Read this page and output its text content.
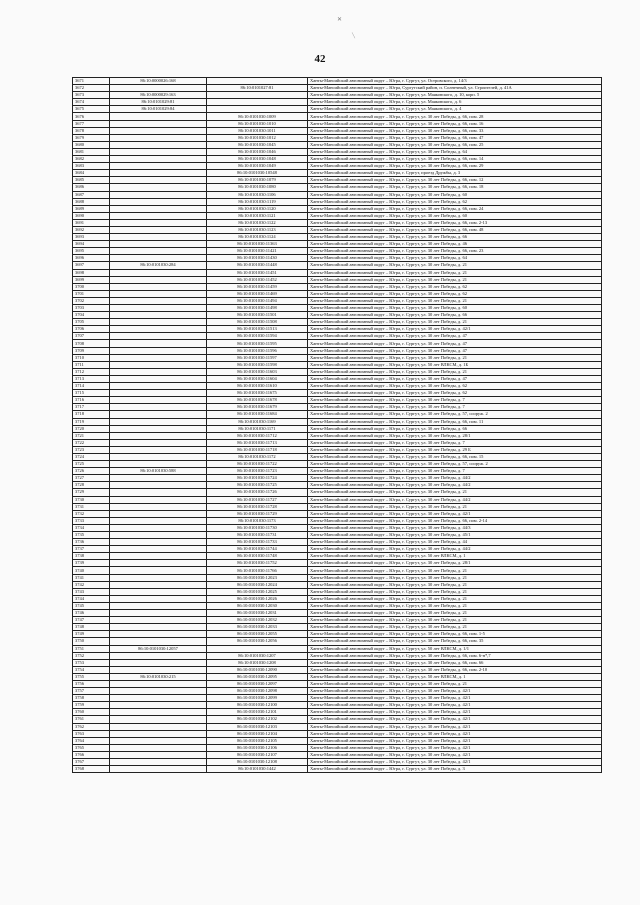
✕
╲
42
3671	86:10:0000026:168		Ханты-Мансийский автономный округ – Югра, г. Сургут, ул. Островского, д. 14/3
3672		86:10:0101027:81	Ханты-Мансийский автономный округ – Югра, Сургутский район, п. Солнечный, ул. Строителей, д. 41А
3673	86:10:0000029:163		Ханты-Мансийский автономный округ – Югра, г. Сургут, ул. Маяковского, д. 10, корп. 5
3674	86:10:0101029:81		Ханты-Мансийский автономный округ – Югра, г. Сургут, ул. Маяковского, д. 6
3675	86:10:0101029:84		Ханты-Мансийский автономный округ – Югра, г. Сургут, ул. Маяковского, д. 4
3676		86:10:0101030:1009	Ханты-Мансийский автономный округ – Югра, г. Сургут, ул. 30 лет Победы, д. 66, пом. 28
3677		86:10:0101030:1010	Ханты-Мансийский автономный округ – Югра, г. Сургут, ул. 30 лет Победы, д. 66, пом. 16
3678		86:10:0101030:1011	Ханты-Мансийский автономный округ – Югра, г. Сургут, ул. 30 лет Победы, д. 66, пом. 33
3679		86:10:0101030:1012	Ханты-Мансийский автономный округ – Югра, г. Сургут, ул. 30 лет Победы, д. 66, пом. 47
3680		86:10:0101030:1045	Ханты-Мансийский автономный округ – Югра, г. Сургут, ул. 30 лет Победы, д. 66, пом. 25
3681		86:10:0101030:1046	Ханты-Мансийский автономный округ – Югра, г. Сургут, ул. 30 лет Победы, д. 64
3682		86:10:0101030:1048	Ханты-Мансийский автономный округ – Югра, г. Сургут, ул. 30 лет Победы, д. 66, пом. 14
3683		86:10:0101030:1049	Ханты-Мансийский автономный округ – Югра, г. Сургут, ул. 30 лет Победы, д. 66, пом. 29
3684		86:10:0101030:10548	Ханты-Мансийский автономный округ – Югра, г. Сургут, проезд Дружбы, д. 3
3685		86:10:0101030:1079	Ханты-Мансийский автономный округ – Югра, г. Сургут, ул. 30 лет Победы, д. 66, пом. 12
3686		86:10:0101030:1080	Ханты-Мансийский автономный округ – Югра, г. Сургут, ул. 30 лет Победы, д. 66, пом. 18
3687		86:10:0101030:1106	Ханты-Мансийский автономный округ – Югра, г. Сургут, ул. 30 лет Победы, д. 60
3688		86:10:0101030:1119	Ханты-Мансийский автономный округ – Югра, г. Сургут, ул. 30 лет Победы, д. 62
3689		86:10:0101030:1120	Ханты-Мансийский автономный округ – Югра, г. Сургут, ул. 30 лет Победы, д. 66, пом. 24
3690		86:10:0101030:1121	Ханты-Мансийский автономный округ – Югра, г. Сургут, ул. 30 лет Победы, д. 60
3691		86:10:0101030:1122	Ханты-Мансийский автономный округ – Югра, г. Сургут, ул. 30 лет Победы, д. 66, пом. 2-13
3692		86:10:0101030:1123	Ханты-Мансийский автономный округ – Югра, г. Сургут, ул. 30 лет Победы, д. 66, пом. 48
3693		86:10:0101030:1124	Ханты-Мансийский автономный округ – Югра, г. Сургут, ул. 30 лет Победы, д. 66
3694		86:10:0101030:11363	Ханты-Мансийский автономный округ – Югра, г. Сургут, ул. 30 лет Победы, д. 46
3695		86:10:0101030:11421	Ханты-Мансийский автономный округ – Югра, г. Сургут, ул. 30 лет Победы, д. 66, пом. 23
3696		86:10:0101030:11430	Ханты-Мансийский автономный округ – Югра, г. Сургут, ул. 30 лет Победы, д. 64
3697	86:10:0101030:284	86:10:0101030:11448	Ханты-Мансийский автономный округ – Югра, г. Сургут, ул. 30 лет Победы, д. 21
3698		86:10:0101030:11451	Ханты-Мансийский автономный округ – Югра, г. Сургут, ул. 30 лет Победы, д. 21
3699		86:10:0101030:11452	Ханты-Мансийский автономный округ – Югра, г. Сургут, ул. 30 лет Победы, д. 21
3700		86:10:0101030:11459	Ханты-Мансийский автономный округ – Югра, г. Сургут, ул. 30 лет Победы, д. 62
3701		86:10:0101030:11469	Ханты-Мансийский автономный округ – Югра, г. Сургут, ул. 30 лет Победы, д. 62
3702		86:10:0101030:11494	Ханты-Мансийский автономный округ – Югра, г. Сургут, ул. 30 лет Победы, д. 21
3703		86:10:0101030:11498	Ханты-Мансийский автономный округ – Югра, г. Сургут, ул. 30 лет Победы, д. 60
3704		86:10:0101030:11501	Ханты-Мансийский автономный округ – Югра, г. Сургут, ул. 30 лет Победы, д. 66
3705		86:10:0101030:11508	Ханты-Мансийский автономный округ – Югра, г. Сургут, ул. 30 лет Победы, д. 21
3706		86:10:0101030:11513	Ханты-Мансийский автономный округ – Югра, г. Сургут, ул. 30 лет Победы, д. 42/1
3707		86:10:0101030:11594	Ханты-Мансийский автономный округ – Югра, г. Сургут, ул. 30 лет Победы, д. 47
3708		86:10:0101030:11595	Ханты-Мансийский автономный округ – Югра, г. Сургут, ул. 30 лет Победы, д. 47
3709		86:10:0101030:11596	Ханты-Мансийский автономный округ – Югра, г. Сургут, ул. 30 лет Победы, д. 47
3710		86:10:0101030:11597	Ханты-Мансийский автономный округ – Югра, г. Сургут, ул. 30 лет Победы, д. 21
3711		86:10:0101030:11598	Ханты-Мансийский автономный округ – Югра, г. Сургут, ул. 50 лет ВЛКСМ, д. 1Б
3712		86:10:0101030:11603	Ханты-Мансийский автономный округ – Югра, г. Сургут, ул. 30 лет Победы, д. 21
3713		86:10:0101030:11604	Ханты-Мансийский автономный округ – Югра, г. Сургут, ул. 30 лет Победы, д. 47
3714		86:10:0101030:11610	Ханты-Мансийский автономный округ – Югра, г. Сургут, ул. 30 лет Победы, д. 62
3715		86:10:0101030:11675	Ханты-Мансийский автономный округ – Югра, г. Сургут, ул. 30 лет Победы, д. 62
3716		86:10:0101030:11678	Ханты-Мансийский автономный округ – Югра, г. Сургут, ул. 30 лет Победы, д. 7
3717		86:10:0101030:11679	Ханты-Мансийский автономный округ – Югра, г. Сургут, ул. 30 лет Победы, д. 7
3718		86:10:0101030:11684	Ханты-Мансийский автономный округ – Югра, г. Сургут, ул. 30 лет Победы, д. 57, сооруж. 2
3719		86:10:0101030:1169	Ханты-Мансийский автономный округ – Югра, г. Сургут, ул. 30 лет Победы, д. 66, пом. 11
3720		86:10:0101030:1171	Ханты-Мансийский автономный округ – Югра, г. Сургут, ул. 30 лет Победы, д. 66
3721		86:10:0101030:11712	Ханты-Мансийский автономный округ – Югра, г. Сургут, ул. 30 лет Победы, д. 28/1
3722		86:10:0101030:11713	Ханты-Мансийский автономный округ – Югра, г. Сургут, ул. 30 лет Победы, д. 7
3723		86:10:0101030:11718	Ханты-Мансийский автономный округ – Югра, г. Сургут, ул. 30 лет Победы, д. 29 Б
3724		86:10:0101030:1172	Ханты-Мансийский автономный округ – Югра, г. Сургут, ул. 30 лет Победы, д. 66, пом. 15
3725		86:10:0101030:11722	Ханты-Мансийский автономный округ – Югра, г. Сургут, ул. 30 лет Победы, д. 57, сооруж. 2
3726	86:10:0101030:588	86:10:0101030:11723	Ханты-Мансийский автономный округ – Югра, г. Сургут, ул. 30 лет Победы, д. 7
3727		86:10:0101030:11724	Ханты-Мансийский автономный округ – Югра, г. Сургут, ул. 30 лет Победы, д. 44/2
3728		86:10:0101030:11725	Ханты-Мансийский автономный округ – Югра, г. Сургут, ул. 30 лет Победы, д. 44/2
3729		86:10:0101030:11726	Ханты-Мансийский автономный округ – Югра, г. Сургут, ул. 30 лет Победы, д. 21
3730		86:10:0101030:11727	Ханты-Мансийский автономный округ – Югра, г. Сургут, ул. 30 лет Победы, д. 44/2
3731		86:10:0101030:11728	Ханты-Мансийский автономный округ – Югра, г. Сургут, ул. 30 лет Победы, д. 21
3732		86:10:0101030:11729	Ханты-Мансийский автономный округ – Югра, г. Сургут, ул. 30 лет Победы, д. 42/1
3733		86:10:0101030:1173	Ханты-Мансийский автономный округ – Югра, г. Сургут, ул. 30 лет Победы, д. 66, пом. 2-14
3734		86:10:0101030:11730	Ханты-Мансийский автономный округ – Югра, г. Сургут, ул. 30 лет Победы, д. 44/3
3735		86:10:0101030:11731	Ханты-Мансийский автономный округ – Югра, г. Сургут, ул. 30 лет Победы, д. 45/1
3736		86:10:0101030:11733	Ханты-Мансийский автономный округ – Югра, г. Сургут, ул. 30 лет Победы, д. 44
3737		86:10:0101030:11744	Ханты-Мансийский автономный округ – Югра, г. Сургут, ул. 30 лет Победы, д. 44/2
3738		86:10:0101030:11748	Ханты-Мансийский автономный округ – Югра, г. Сургут, ул. 50 лет ВЛКСМ, д. 1
3739		86:10:0101030:11752	Ханты-Мансийский автономный округ – Югра, г. Сургут, ул. 30 лет Победы, д. 28/1
3740		86:10:0101030:11766	Ханты-Мансийский автономный округ – Югра, г. Сургут, ул. 30 лет Победы, д. 21
3741		86:10:0101030:12023	Ханты-Мансийский автономный округ – Югра, г. Сургут, ул. 30 лет Победы, д. 21
3742		86:10:0101030:12024	Ханты-Мансийский автономный округ – Югра, г. Сургут, ул. 30 лет Победы, д. 21
3743		86:10:0101030:12025	Ханты-Мансийский автономный округ – Югра, г. Сургут, ул. 30 лет Победы, д. 21
3744		86:10:0101030:12026	Ханты-Мансийский автономный округ – Югра, г. Сургут, ул. 30 лет Победы, д. 21
3745		86:10:0101030:12030	Ханты-Мансийский автономный округ – Югра, г. Сургут, ул. 30 лет Победы, д. 21
3746		86:10:0101030:12031	Ханты-Мансийский автономный округ – Югра, г. Сургут, ул. 30 лет Победы, д. 21
3747		86:10:0101030:12032	Ханты-Мансийский автономный округ – Югра, г. Сургут, ул. 30 лет Победы, д. 21
3748		86:10:0101030:12033	Ханты-Мансийский автономный округ – Югра, г. Сургут, ул. 30 лет Победы, д. 21
3749		86:10:0101030:12055	Ханты-Мансийский автономный округ – Югра, г. Сургут, ул. 30 лет Победы, д. 66, пом. 1-5
3750		86:10:0101030:12056	Ханты-Мансийский автономный округ – Югра, г. Сургут, ул. 30 лет Победы, д. 66, пом. 35
3751	86:10:0101030:12057		Ханты-Мансийский автономный округ – Югра, г. Сургут, ул. 50 лет ВЛКСМ, д. 1/1
3752		86:10:0101030:1207	Ханты-Мансийский автономный округ – Югра, г. Сургут, ул. 30 лет Победы, д. 66, пом. 6-н*,7
3753		86:10:0101030:1208	Ханты-Мансийский автономный округ – Югра, г. Сургут, ул. 30 лет Победы, д. 66, пом. 66
3754		86:10:0101030:12090	Ханты-Мансийский автономный округ – Югра, г. Сургут, ул. 30 лет Победы, д. 66, пом. 2-10
3755	86:10:0101030:215	86:10:0101030:12095	Ханты-Мансийский автономный округ – Югра, г. Сургут, ул. 50 лет ВЛКСМ, д. 1
3756		86:10:0101030:12097	Ханты-Мансийский автономный округ – Югра, г. Сургут, ул. 30 лет Победы, д. 21
3757		86:10:0101030:12098	Ханты-Мансийский автономный округ – Югра, г. Сургут, ул. 30 лет Победы, д. 42/1
3758		86:10:0101030:12099	Ханты-Мансийский автономный округ – Югра, г. Сургут, ул. 30 лет Победы, д. 42/1
3759		86:10:0101030:12100	Ханты-Мансийский автономный округ – Югра, г. Сургут, ул. 30 лет Победы, д. 42/1
3760		86:10:0101030:12101	Ханты-Мансийский автономный округ – Югра, г. Сургут, ул. 30 лет Победы, д. 42/1
3761		86:10:0101030:12102	Ханты-Мансийский автономный округ – Югра, г. Сургут, ул. 30 лет Победы, д. 42/1
3762		86:10:0101030:12103	Ханты-Мансийский автономный округ – Югра, г. Сургут, ул. 30 лет Победы, д. 42/1
3763		86:10:0101030:12104	Ханты-Мансийский автономный округ – Югра, г. Сургут, ул. 30 лет Победы, д. 42/1
3764		86:10:0101030:12105	Ханты-Мансийский автономный округ – Югра, г. Сургут, ул. 30 лет Победы, д. 42/1
3765		86:10:0101030:12106	Ханты-Мансийский автономный округ – Югра, г. Сургут, ул. 30 лет Победы, д. 42/1
3766		86:10:0101030:12107	Ханты-Мансийский автономный округ – Югра, г. Сургут, ул. 30 лет Победы, д. 42/1
3767		86:10:0101030:12108	Ханты-Мансийский автономный округ – Югра, г. Сургут, ул. 30 лет Победы, д. 42/1
3768		86:10:0101030:1442	Ханты-Мансийский автономный округ – Югра, г. Сургут, ул. 30 лет Победы, д. 3
